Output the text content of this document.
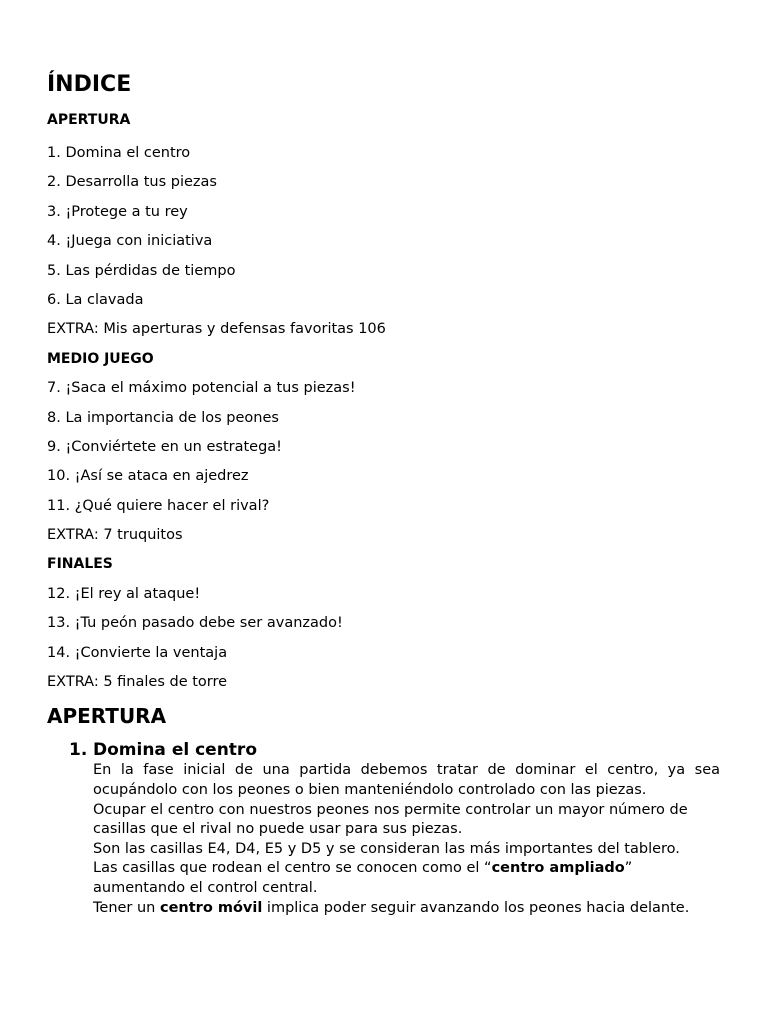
ÍNDICE
APERTURA
1. Domina el centro
2. Desarrolla tus piezas
3. ¡Protege a tu rey
4. ¡Juega con iniciativa
5. Las pérdidas de tiempo
6. La clavada
EXTRA: Mis aperturas y defensas favoritas 106
MEDIO JUEGO
7. ¡Saca el máximo potencial a tus piezas!
8. La importancia de los peones
9. ¡Conviértete en un estratega!
10. ¡Así se ataca en ajedrez
11. ¿Qué quiere hacer el rival?
EXTRA: 7 truquitos
FINALES
12. ¡El rey al ataque!
13. ¡Tu peón pasado debe ser avanzado!
14. ¡Convierte la ventaja
EXTRA: 5 finales de torre
APERTURA
1. Domina el centro

En la fase inicial de una partida debemos tratar de dominar el centro, ya sea ocupándolo con los peones o bien manteniéndolo controlado con las piezas.

Ocupar el centro con nuestros peones nos permite controlar un mayor número de casillas que el rival no puede usar para sus piezas.

Son las casillas E4, D4, E5 y D5 y se consideran las más importantes del tablero.

Las casillas que rodean el centro se conocen como el “centro ampliado” aumentando el control central.

Tener un centro móvil implica poder seguir avanzando los peones hacia delante.
